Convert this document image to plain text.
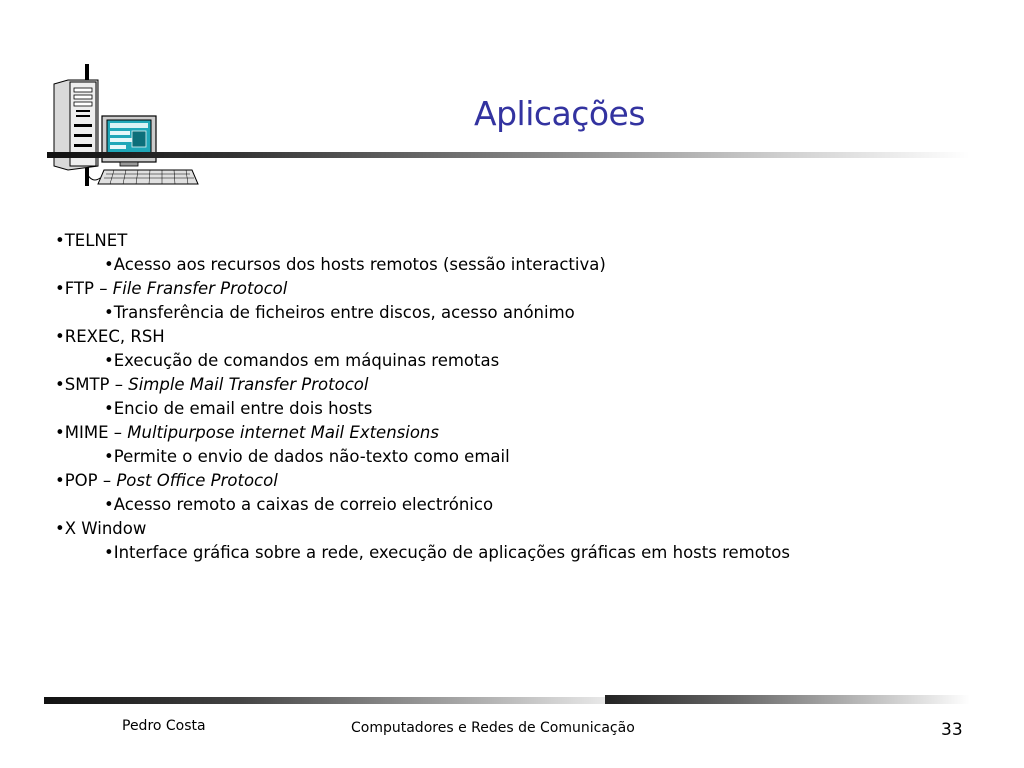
Aplicações
•TELNET
•Acesso aos recursos dos hosts remotos (sessão interactiva)
•FTP – File Fransfer Protocol
•Transferência de ficheiros entre discos, acesso anónimo
•REXEC, RSH
•Execução de comandos em máquinas remotas
•SMTP – Simple Mail Transfer Protocol
•Encio de email entre dois hosts
•MIME – Multipurpose internet Mail Extensions
•Permite o envio de dados não-texto como email
•POP – Post Office Protocol
•Acesso remoto a caixas de correio electrónico
•X Window
•Interface gráfica sobre a rede, execução de aplicações gráficas em hosts remotos
Pedro Costa	Computadores e Redes de Comunicação	33
